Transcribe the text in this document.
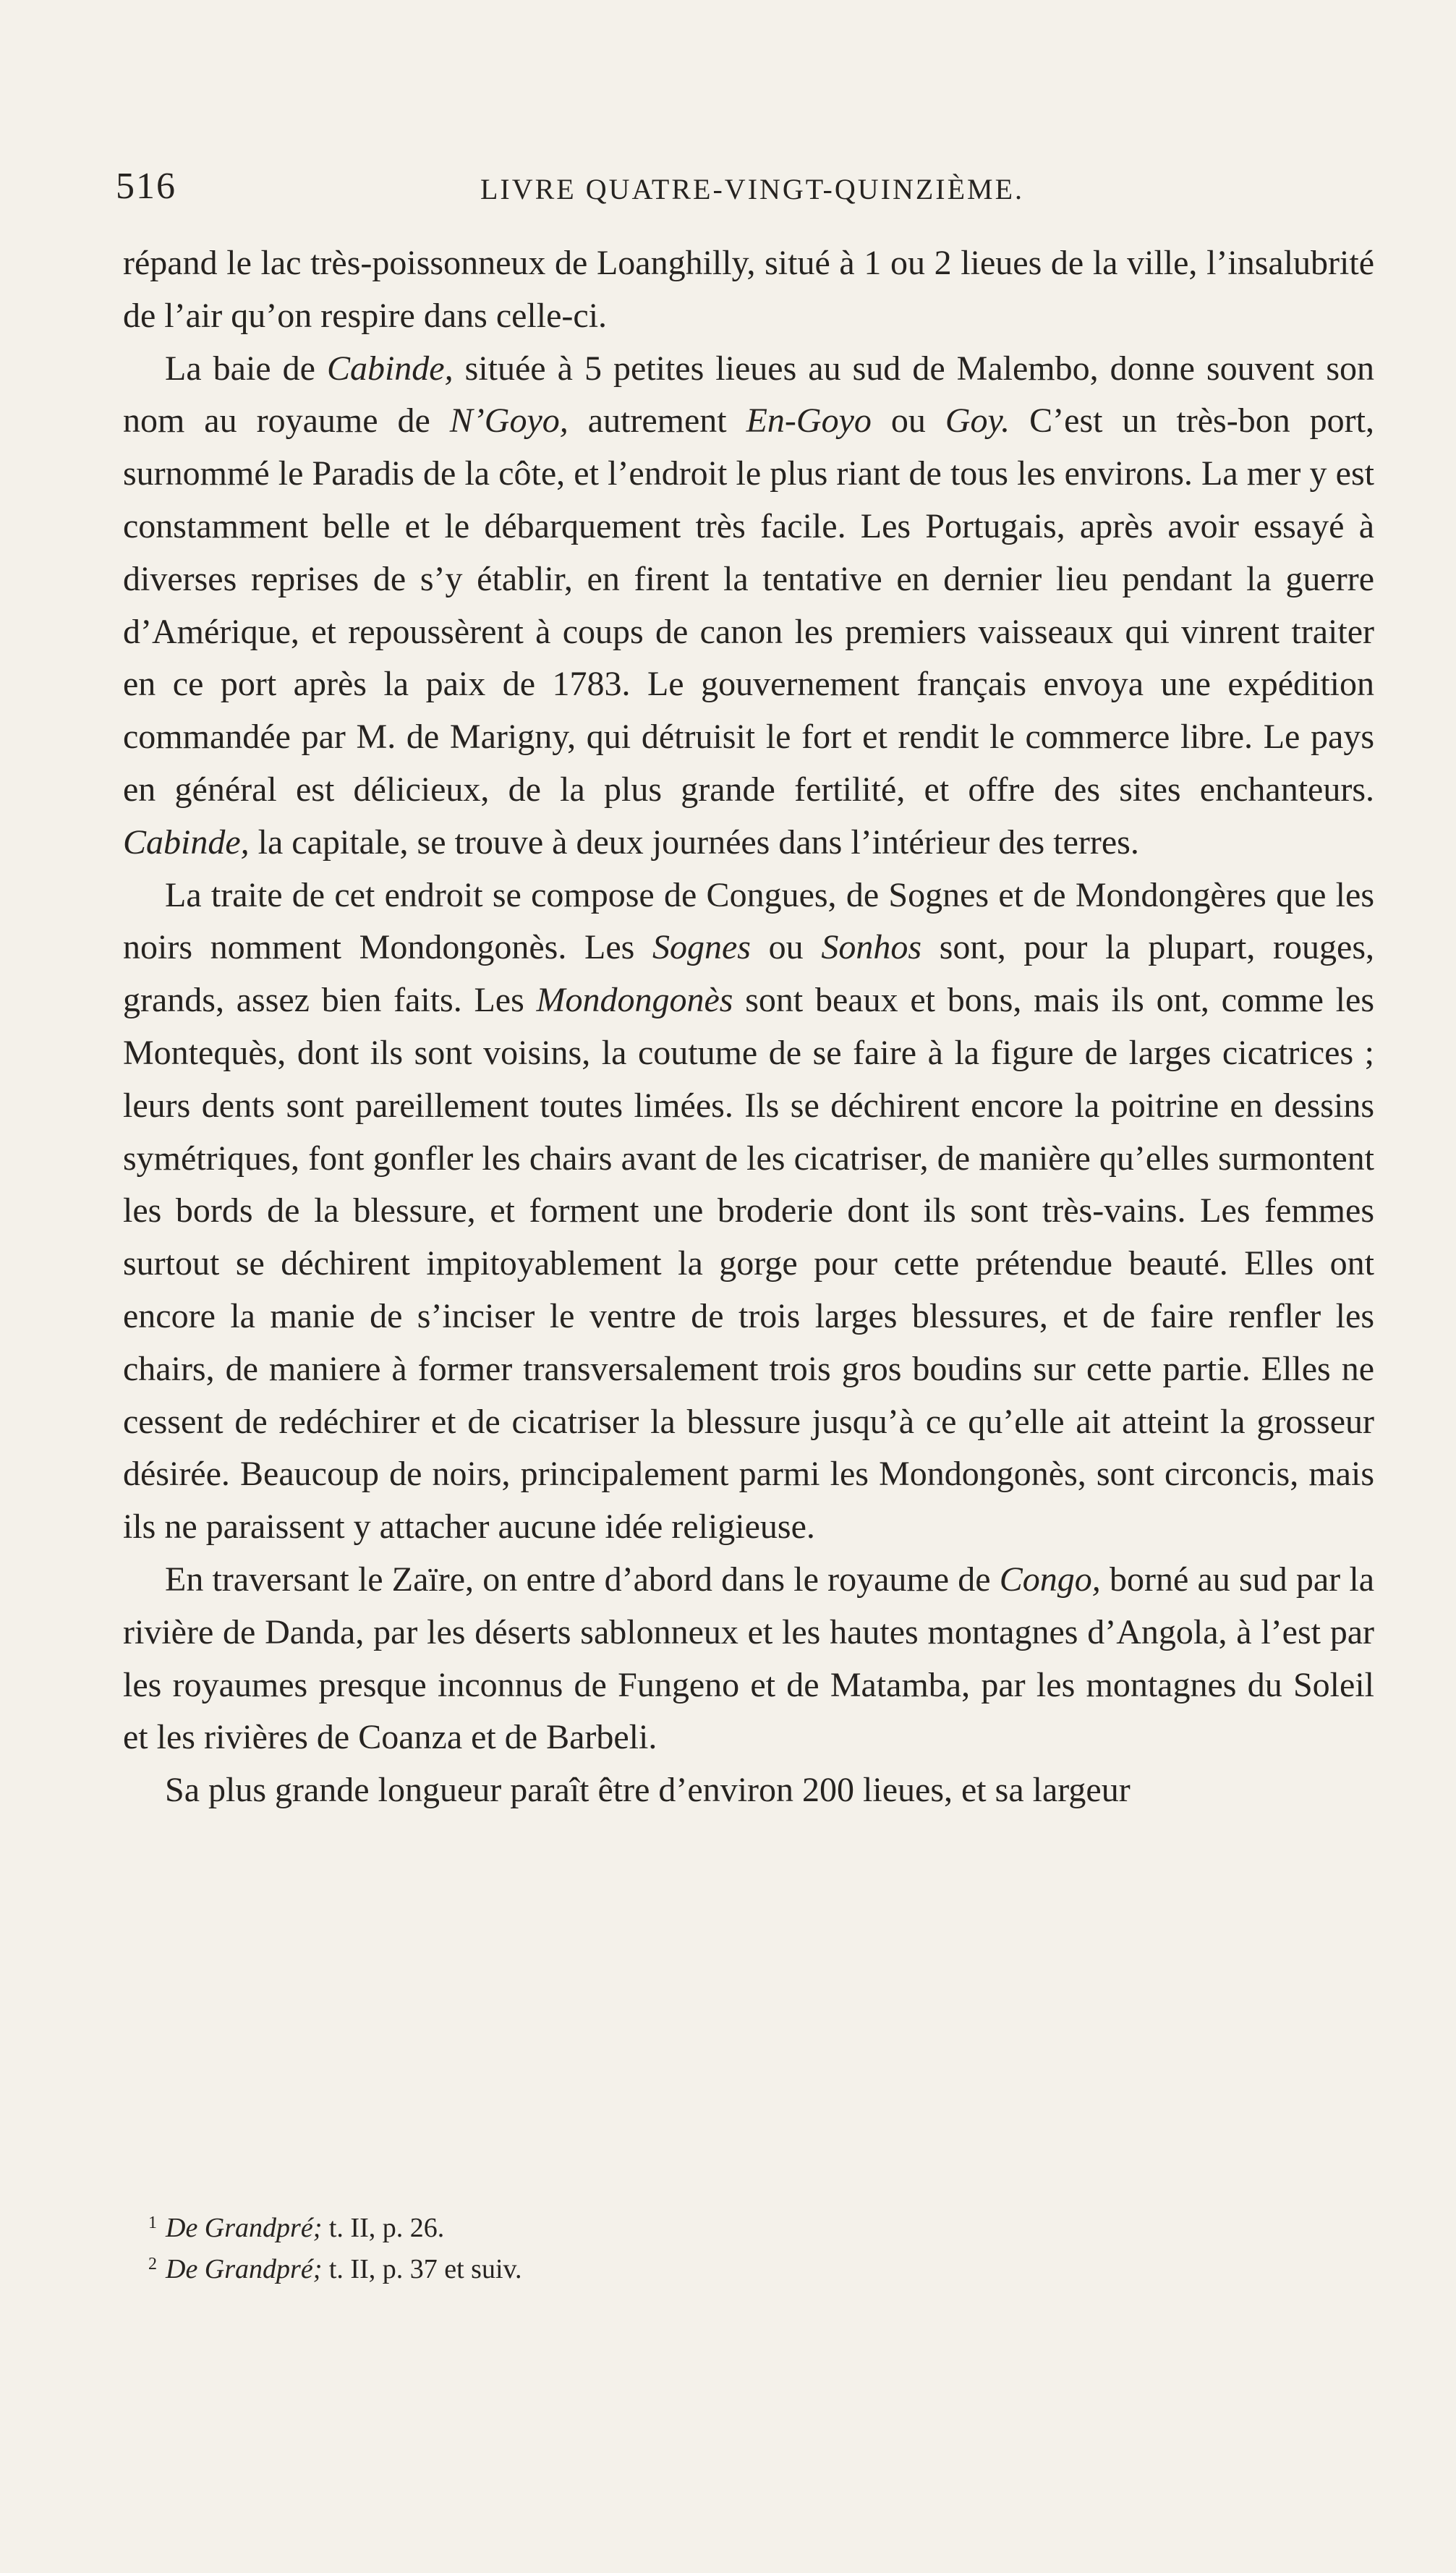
516	LIVRE QUATRE-VINGT-QUINZIÈME.

répand le lac très-poissonneux de Loanghilly, situé à 1 ou 2 lieues de la ville, l’insalubrité de l’air qu’on respire dans celle-ci.

La baie de Cabinde, située à 5 petites lieues au sud de Malembo, donne souvent son nom au royaume de N’Goyo, autrement En-Goyo ou Goy. C’est un très-bon port, surnommé le Paradis de la côte, et l’endroit le plus riant de tous les environs. La mer y est constamment belle et le débarquement très facile. Les Portugais, après avoir essayé à diverses reprises de s’y établir, en firent la tentative en dernier lieu pendant la guerre d’Amérique, et repoussèrent à coups de canon les premiers vaisseaux qui vinrent traiter en ce port après la paix de 1783. Le gouvernement français envoya une expédition commandée par M. de Marigny, qui détruisit le fort et rendit le commerce libre. Le pays en général est délicieux, de la plus grande fertilité, et offre des sites enchanteurs. Cabinde, la capitale, se trouve à deux journées dans l’intérieur des terres.

La traite de cet endroit se compose de Congues, de Sognes et de Mondongères que les noirs nomment Mondongonès. Les Sognes ou Sonhos sont, pour la plupart, rouges, grands, assez bien faits. Les Mondongonès sont beaux et bons, mais ils ont, comme les Montequès, dont ils sont voisins, la coutume de se faire à la figure de larges cicatrices ; leurs dents sont pareillement toutes limées. Ils se déchirent encore la poitrine en dessins symétriques, font gonfler les chairs avant de les cicatriser, de manière qu’elles surmontent les bords de la blessure, et forment une broderie dont ils sont très-vains. Les femmes surtout se déchirent impitoyablement la gorge pour cette prétendue beauté. Elles ont encore la manie de s’inciser le ventre de trois larges blessures, et de faire renfler les chairs, de maniere à former transversalement trois gros boudins sur cette partie. Elles ne cessent de redéchirer et de cicatriser la blessure jusqu’à ce qu’elle ait atteint la grosseur désirée. Beaucoup de noirs, principalement parmi les Mondongonès, sont circoncis, mais ils ne paraissent y attacher aucune idée religieuse.

En traversant le Zaïre, on entre d’abord dans le royaume de Congo, borné au sud par la rivière de Danda, par les déserts sablonneux et les hautes montagnes d’Angola, à l’est par les royaumes presque inconnus de Fungeno et de Matamba, par les montagnes du Soleil et les rivières de Coanza et de Barbeli.

Sa plus grande longueur paraît être d’environ 200 lieues, et sa largeur

$^1$ De Grandpré; t. II, p. 26.
$^2$ De Grandpré; t. II, p. 37 et suiv.
